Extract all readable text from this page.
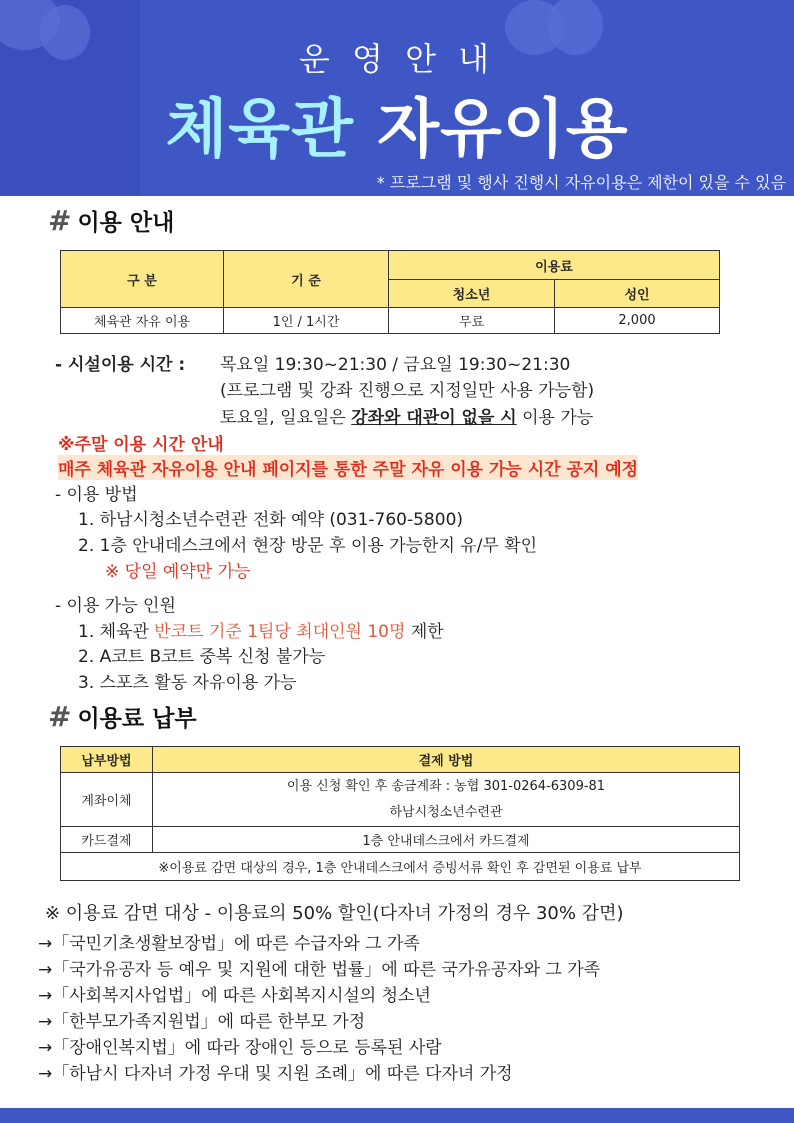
운 영 안 내
체육관 자유이용
* 프로그램 및 행사 진행시 자유이용은 제한이 있을 수 있음
# 이용 안내
구 분	기 준	이용료	
		청소년	성인
체육관 자유 이용	1인 / 1시간	무료	2,000
- 시설이용 시간 : 목요일 19:30~21:30 / 금요일 19:30~21:30
(프로그램 및 강좌 진행으로 지정일만 사용 가능함)
토요일, 일요일은 강좌와 대관이 없을 시 이용 가능
※주말 이용 시간 안내
매주 체육관 자유이용 안내 페이지를 통한 주말 자유 이용 가능 시간 공지 예정
- 이용 방법
1. 하남시청소년수련관 전화 예약 (031-760-5800)
2. 1층 안내데스크에서 현장 방문 후 이용 가능한지 유/무 확인
※ 당일 예약만 가능
- 이용 가능 인원
1. 체육관 반코트 기준 1팀당 최대인원 10명 제한
2. A코트 B코트 중복 신청 불가능
3. 스포츠 활동 자유이용 가능
# 이용료 납부
납부방법	결제 방법
계좌이체	이용 신청 확인 후 송금계좌 : 농협 301-0264-6309-81
하남시청소년수련관

카드결제	1층 안내데스크에서 카드결제
※이용료 감면 대상의 경우, 1층 안내데스크에서 증빙서류 확인 후 감면된 이용료 납부	
※ 이용료 감면 대상 - 이용료의 50% 할인(다자녀 가정의 경우 30% 감면)
→「국민기초생활보장법」에 따른 수급자와 그 가족
→「국가유공자 등 예우 및 지원에 대한 법률」에 따른 국가유공자와 그 가족
→「사회복지사업법」에 따른 사회복지시설의 청소년
→「한부모가족지원법」에 따른 한부모 가정
→「장애인복지법」에 따라 장애인 등으로 등록된 사람
→「하남시 다자녀 가정 우대 및 지원 조례」에 따른 다자녀 가정
